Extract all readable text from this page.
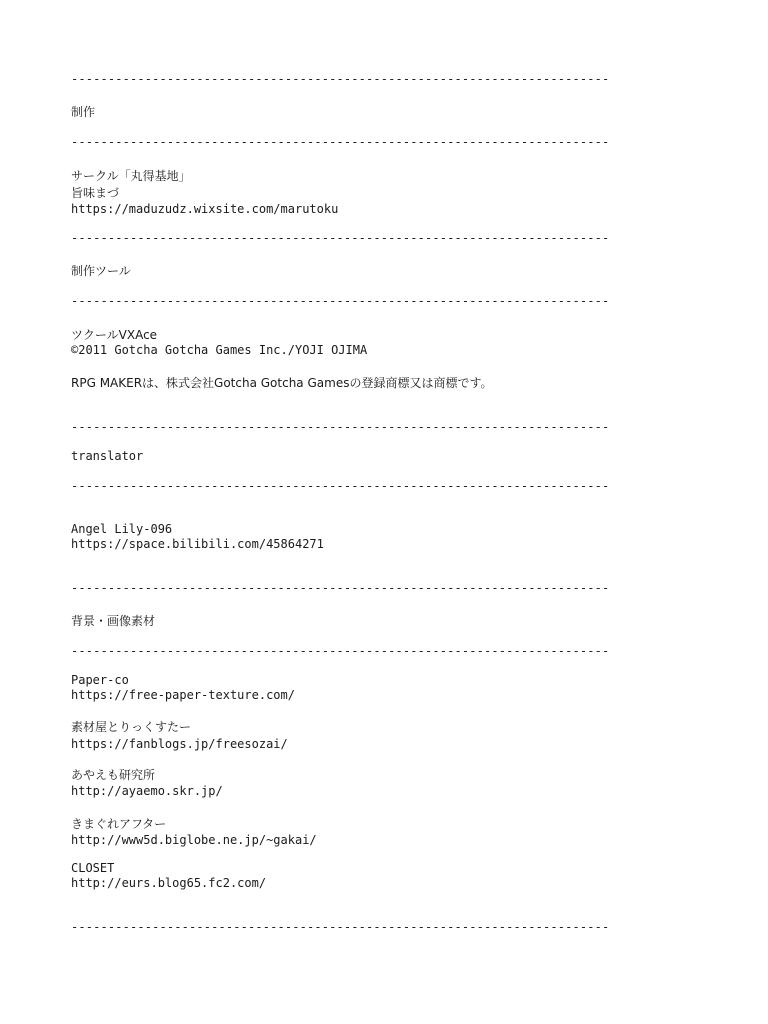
-------------------------------------------------------------------------
制作
-------------------------------------------------------------------------
サークル「丸得基地」
旨味まづ
https://maduzudz.wixsite.com/marutoku
-------------------------------------------------------------------------
制作ツール
-------------------------------------------------------------------------
ツクールVXAce
©2011 Gotcha Gotcha Games Inc./YOJI OJIMA
RPG MAKERは、株式会社Gotcha Gotcha Gamesの登録商標又は商標です。
-------------------------------------------------------------------------
translator
-------------------------------------------------------------------------
Angel Lily-096
https://space.bilibili.com/45864271
-------------------------------------------------------------------------
背景・画像素材
-------------------------------------------------------------------------
Paper-co
https://free-paper-texture.com/
素材屋とりっくすたー
https://fanblogs.jp/freesozai/
あやえも研究所
http://ayaemo.skr.jp/
きまぐれアフター
http://www5d.biglobe.ne.jp/~gakai/
CLOSET
http://eurs.blog65.fc2.com/
-------------------------------------------------------------------------
